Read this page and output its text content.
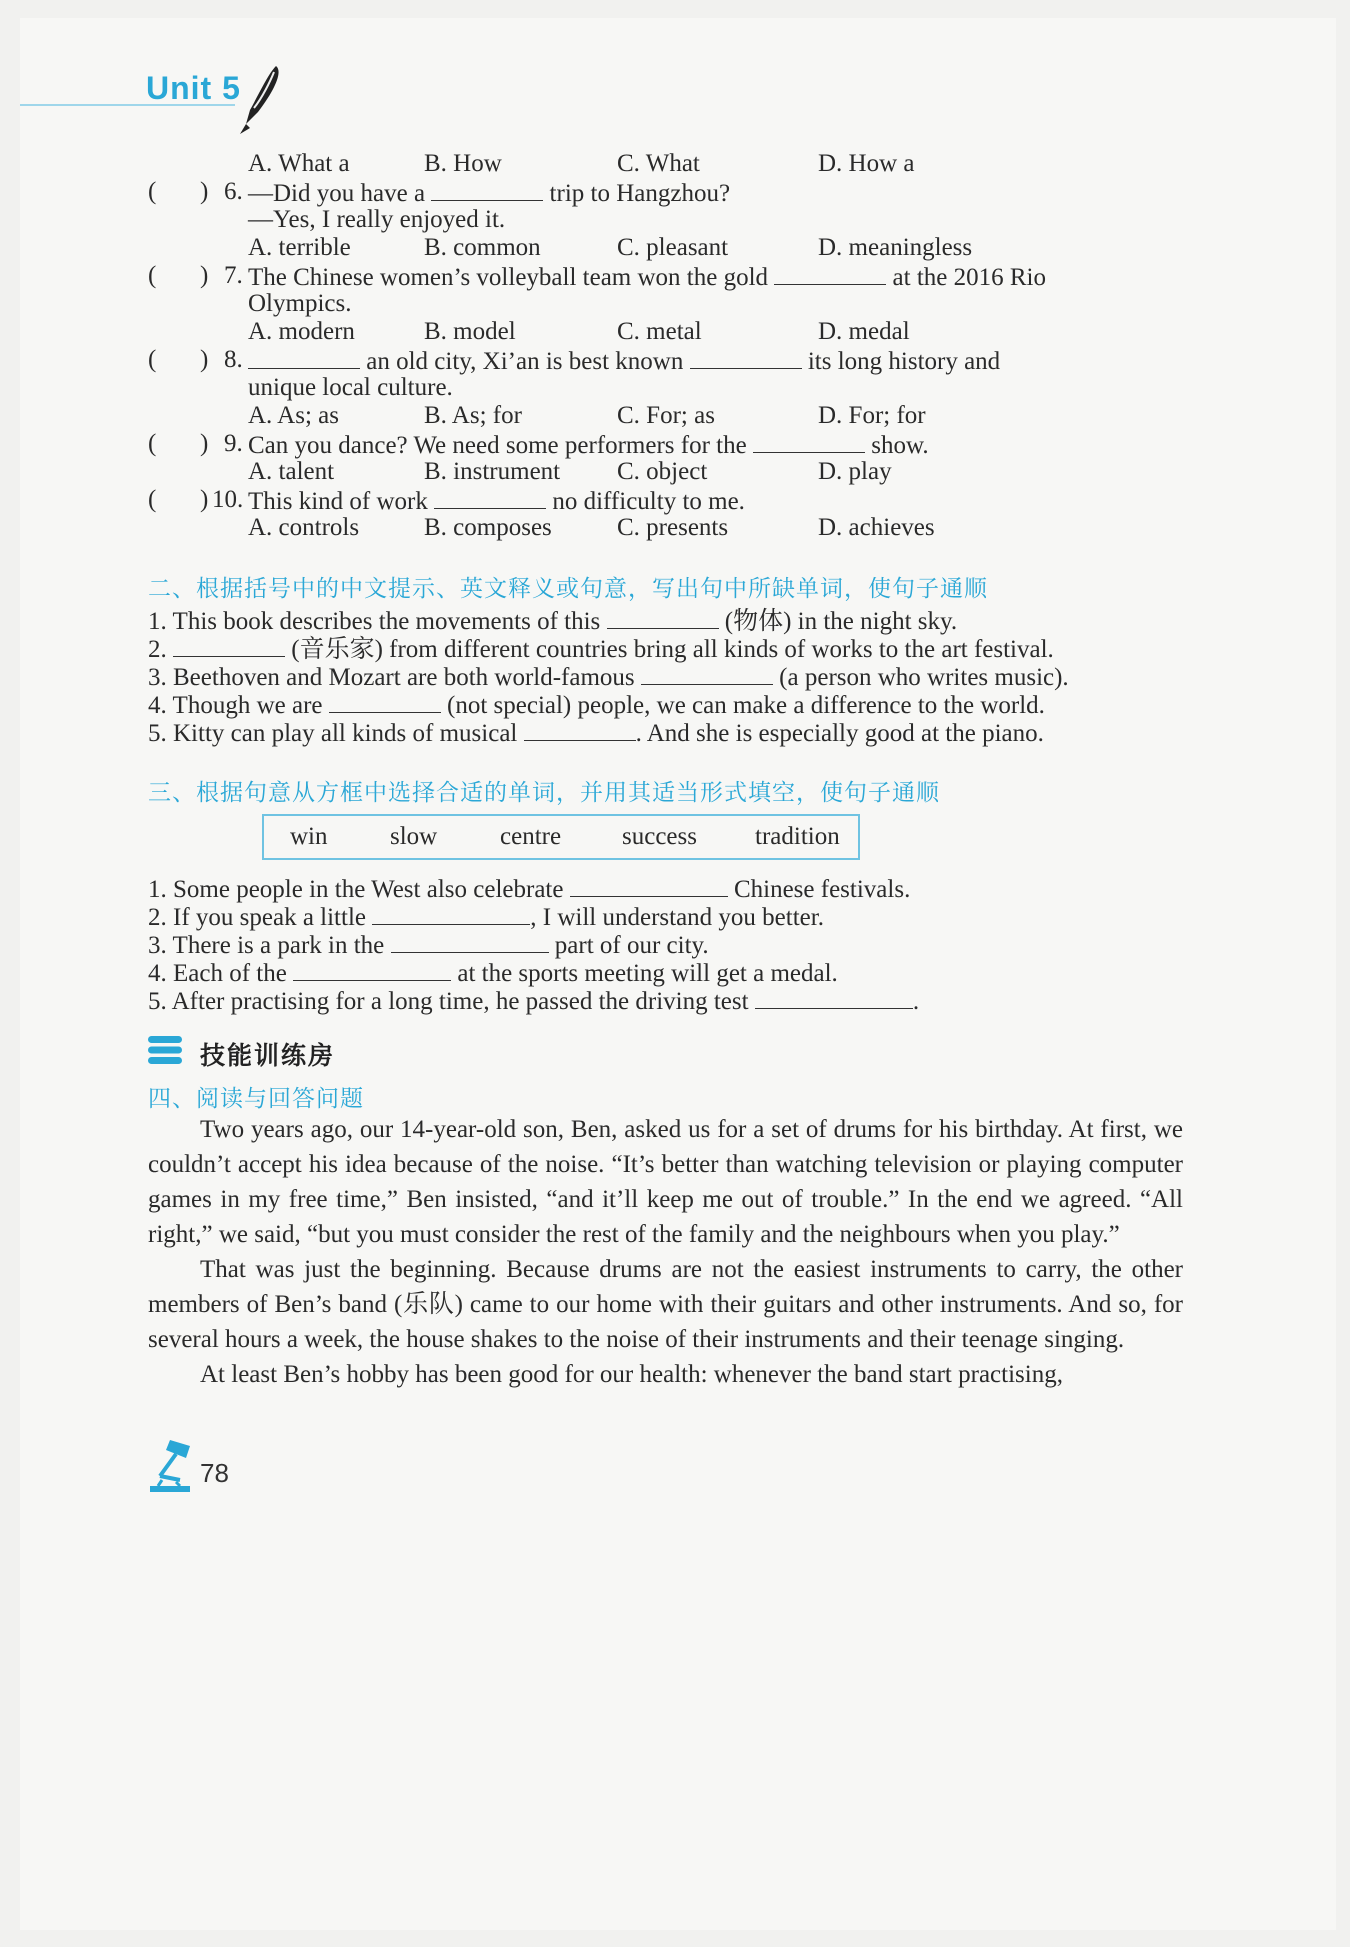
Unit 5
A. What a	B. How	C. What	D. How a
( ) 6. —Did you have a	trip to Hangzhou?
—Yes, I really enjoyed it.
A. terrible	B. common	C. pleasant	D. meaningless
( ) 7. The Chinese women’s volleyball team won the gold	at the 2016 Rio
Olympics.
A. modern	B. model	C. metal	D. medal
( ) 8.	an old city, Xi’an is best known	its long history and
unique local culture.
A. As; as	B. As; for	C. For; as	D. For; for
( ) 9. Can you dance? We need some performers for the	show.
A. talent	B. instrument C. object	D. play
( ) 10. This kind of work	no difficulty to me.
A. controls	B. composes	C. presents	D. achieves
二、根据括号中的中文提示、英文释义或句意，写出句中所缺单词，使句子通顺
1. This book describes the movements of this	(物体) in the night sky.
2.	(音乐家) from different countries bring all kinds of works to the art festival.
3. Beethoven and Mozart are both world-famous	(a person who writes music).
4. Though we are	(not special) people, we can make a difference to the world.
5. Kitty can play all kinds of musical	. And she is especially good at the piano.
三、根据句意从方框中选择合适的单词，并用其适当形式填空，使句子通顺
win	slow	centre success tradition
1. Some people in the West also celebrate	Chinese festivals.
2. If you speak a little	, I will understand you better.
3. There is a park in the	part of our city.
4. Each of the	at the sports meeting will get a medal.
5. After practising for a long time, he passed the driving test	.
技能训练房
四、阅读与回答问题

Two years ago, our 14-year-old son, Ben, asked us for a set of drums for his birthday. At first, we couldn’t accept his idea because of the noise. “It’s better than watching television or playing computer games in my free time,” Ben insisted, “and it’ll keep me out of trouble.” In the end we agreed. “All right,” we said, “but you must consider the rest of the family and the neighbours when you play.”

That was just the beginning. Because drums are not the easiest instruments to carry, the other members of Ben’s band (乐队) came to our home with their guitars and other instruments. And so, for several hours a week, the house shakes to the noise of their instruments and their teenage singing.

At least Ben’s hobby has been good for our health: whenever the band start practising,

78
